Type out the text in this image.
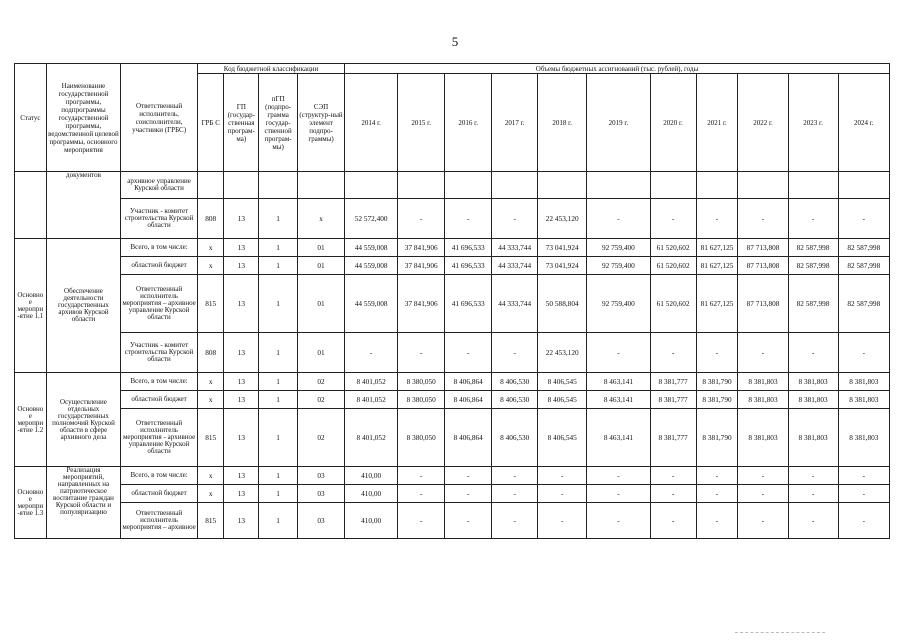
5
Статус	Наименование государственной программы, подпрограммы государственной программы, ведомственной целевой программы, основного мероприятия	Ответственный исполнитель, соисполнители, участники (ГРБС)	Код бюджетной классификации				Объемы бюджетных ассигнований (тыс. рублей), годы										
			ГРБ С	ГП (государ-ственная програм-ма)	пГП (подпро-грамма государ-ственной програм-мы)	СЭП (структур-ный элемент подпро-граммы)	2014 г.	2015 г.	2016 г.	2017 г.	2018 г.	2019 г.	2020 г.	2021 г.	2022 г.	2023 г.	2024 г.
	документов	архивное управление Курской области															
		Участник - комитет строительства Курской области	808	13	1	х	52 572,400	-	-	-	22 453,120	-	-	-	-	-	-
Основно е меропри -ятие 1.1	Обеспечение деятельности государственных архивов Курской области	Всего, в том числе:	х	13	1	01	44 559,008	37 841,906	41 696,533	44 333,744	73 041,924	92 759,400	61 520,602	81 627,125	87 713,808	82 587,998	82 587,998
		областной бюджет	х	13	1	01	44 559,008	37 841,906	41 696,533	44 333,744	73 041,924	92 759,400	61 520,602	81 627,125	87 713,808	82 587,998	82 587,998
		Ответственный исполнитель мероприятия – архивное управление Курской области	815	13	1	01	44 559,008	37 841,906	41 696,533	44 333,744	50 588,804	92 759,400	61 520,602	81 627,125	87 713,808	82 587,998	82 587,998
		Участник - комитет строительства Курской области	808	13	1	01	-	-	-	-	22 453,120	-	-	-	-	-	-
Основно е меропри -ятие 1.2	Осуществление отдельных государственных полномочий Курской области в сфере архивного дела	Всего, в том числе:	х	13	1	02	8 401,052	8 380,050	8 406,864	8 406,530	8 406,545	8 463,141	8 381,777	8 381,790	8 381,803	8 381,803	8 381,803
		областной бюджет	х	13	1	02	8 401,052	8 380,050	8 406,864	8 406,530	8 406,545	8 463,141	8 381,777	8 381,790	8 381,803	8 381,803	8 381,803
		Ответственный исполнитель мероприятия - архивное управление Курской области	815	13	1	02	8 401,052	8 380,050	8 406,864	8 406,530	8 406,545	8 463,141	8 381,777	8 381,790	8 381,803	8 381,803	8 381,803
Основно е меропри -ятие 1.3	Реализация мероприятий, направленных на патриотическое воспитание граждан Курской области и популяризацию	Всего, в том числе:	х	13	1	03	410,00	-	-	-	-	-	-	-	-	-	-
		областной бюджет	х	13	1	03	410,00	-	-	-	-	-	-	-	-	-	-
		Ответственный исполнитель мероприятия – архивное	815	13	1	03	410,00	-	-	-	-	-	-	-	-	-	-
